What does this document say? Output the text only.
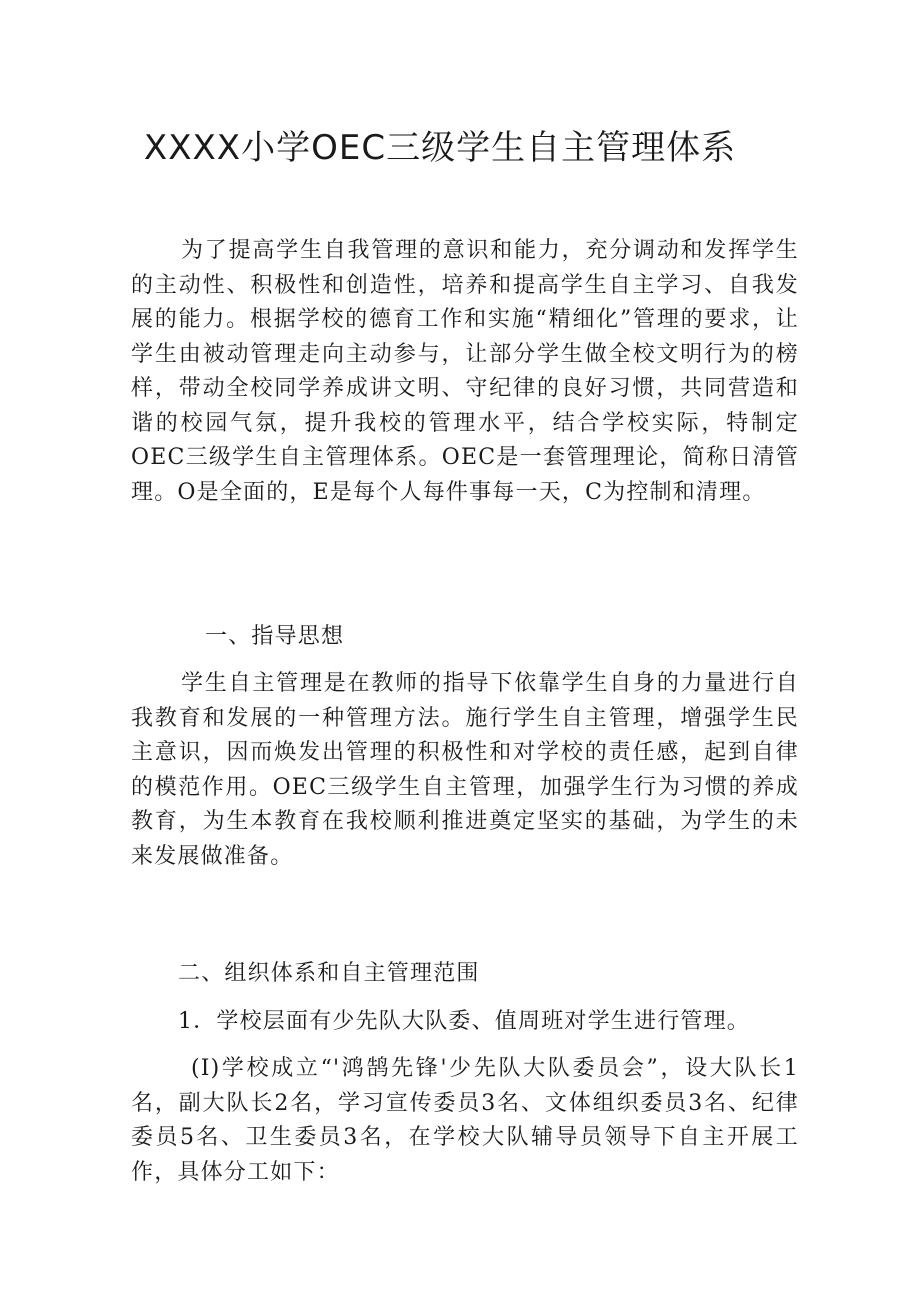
XXXX小学OEC三级学生自主管理体系

为了提高学生自我管理的意识和能力，充分调动和发挥学生的主动性、积极性和创造性，培养和提高学生自主学习、自我发展的能力。根据学校的德育工作和实施“精细化”管理的要求，让学生由被动管理走向主动参与，让部分学生做全校文明行为的榜样，带动全校同学养成讲文明、守纪律的良好习惯，共同营造和谐的校园气氛，提升我校的管理水平，结合学校实际，特制定OEC三级学生自主管理体系。OEC是一套管理理论，简称日清管理。O是全面的，E是每个人每件事每一天，C为控制和清理。

一、指导思想

学生自主管理是在教师的指导下依靠学生自身的力量进行自我教育和发展的一种管理方法。施行学生自主管理，增强学生民主意识，因而焕发出管理的积极性和对学校的责任感，起到自律的模范作用。OEC三级学生自主管理，加强学生行为习惯的养成教育，为生本教育在我校顺利推进奠定坚实的基础，为学生的未来发展做准备。

二、组织体系和自主管理范围

1．学校层面有少先队大队委、值周班对学生进行管理。

(I)学校成立“'鸿鹄先锋'少先队大队委员会”，设大队长1名，副大队长2名，学习宣传委员3名、文体组织委员3名、纪律委员5名、卫生委员3名，在学校大队辅导员领导下自主开展工作，具体分工如下：
